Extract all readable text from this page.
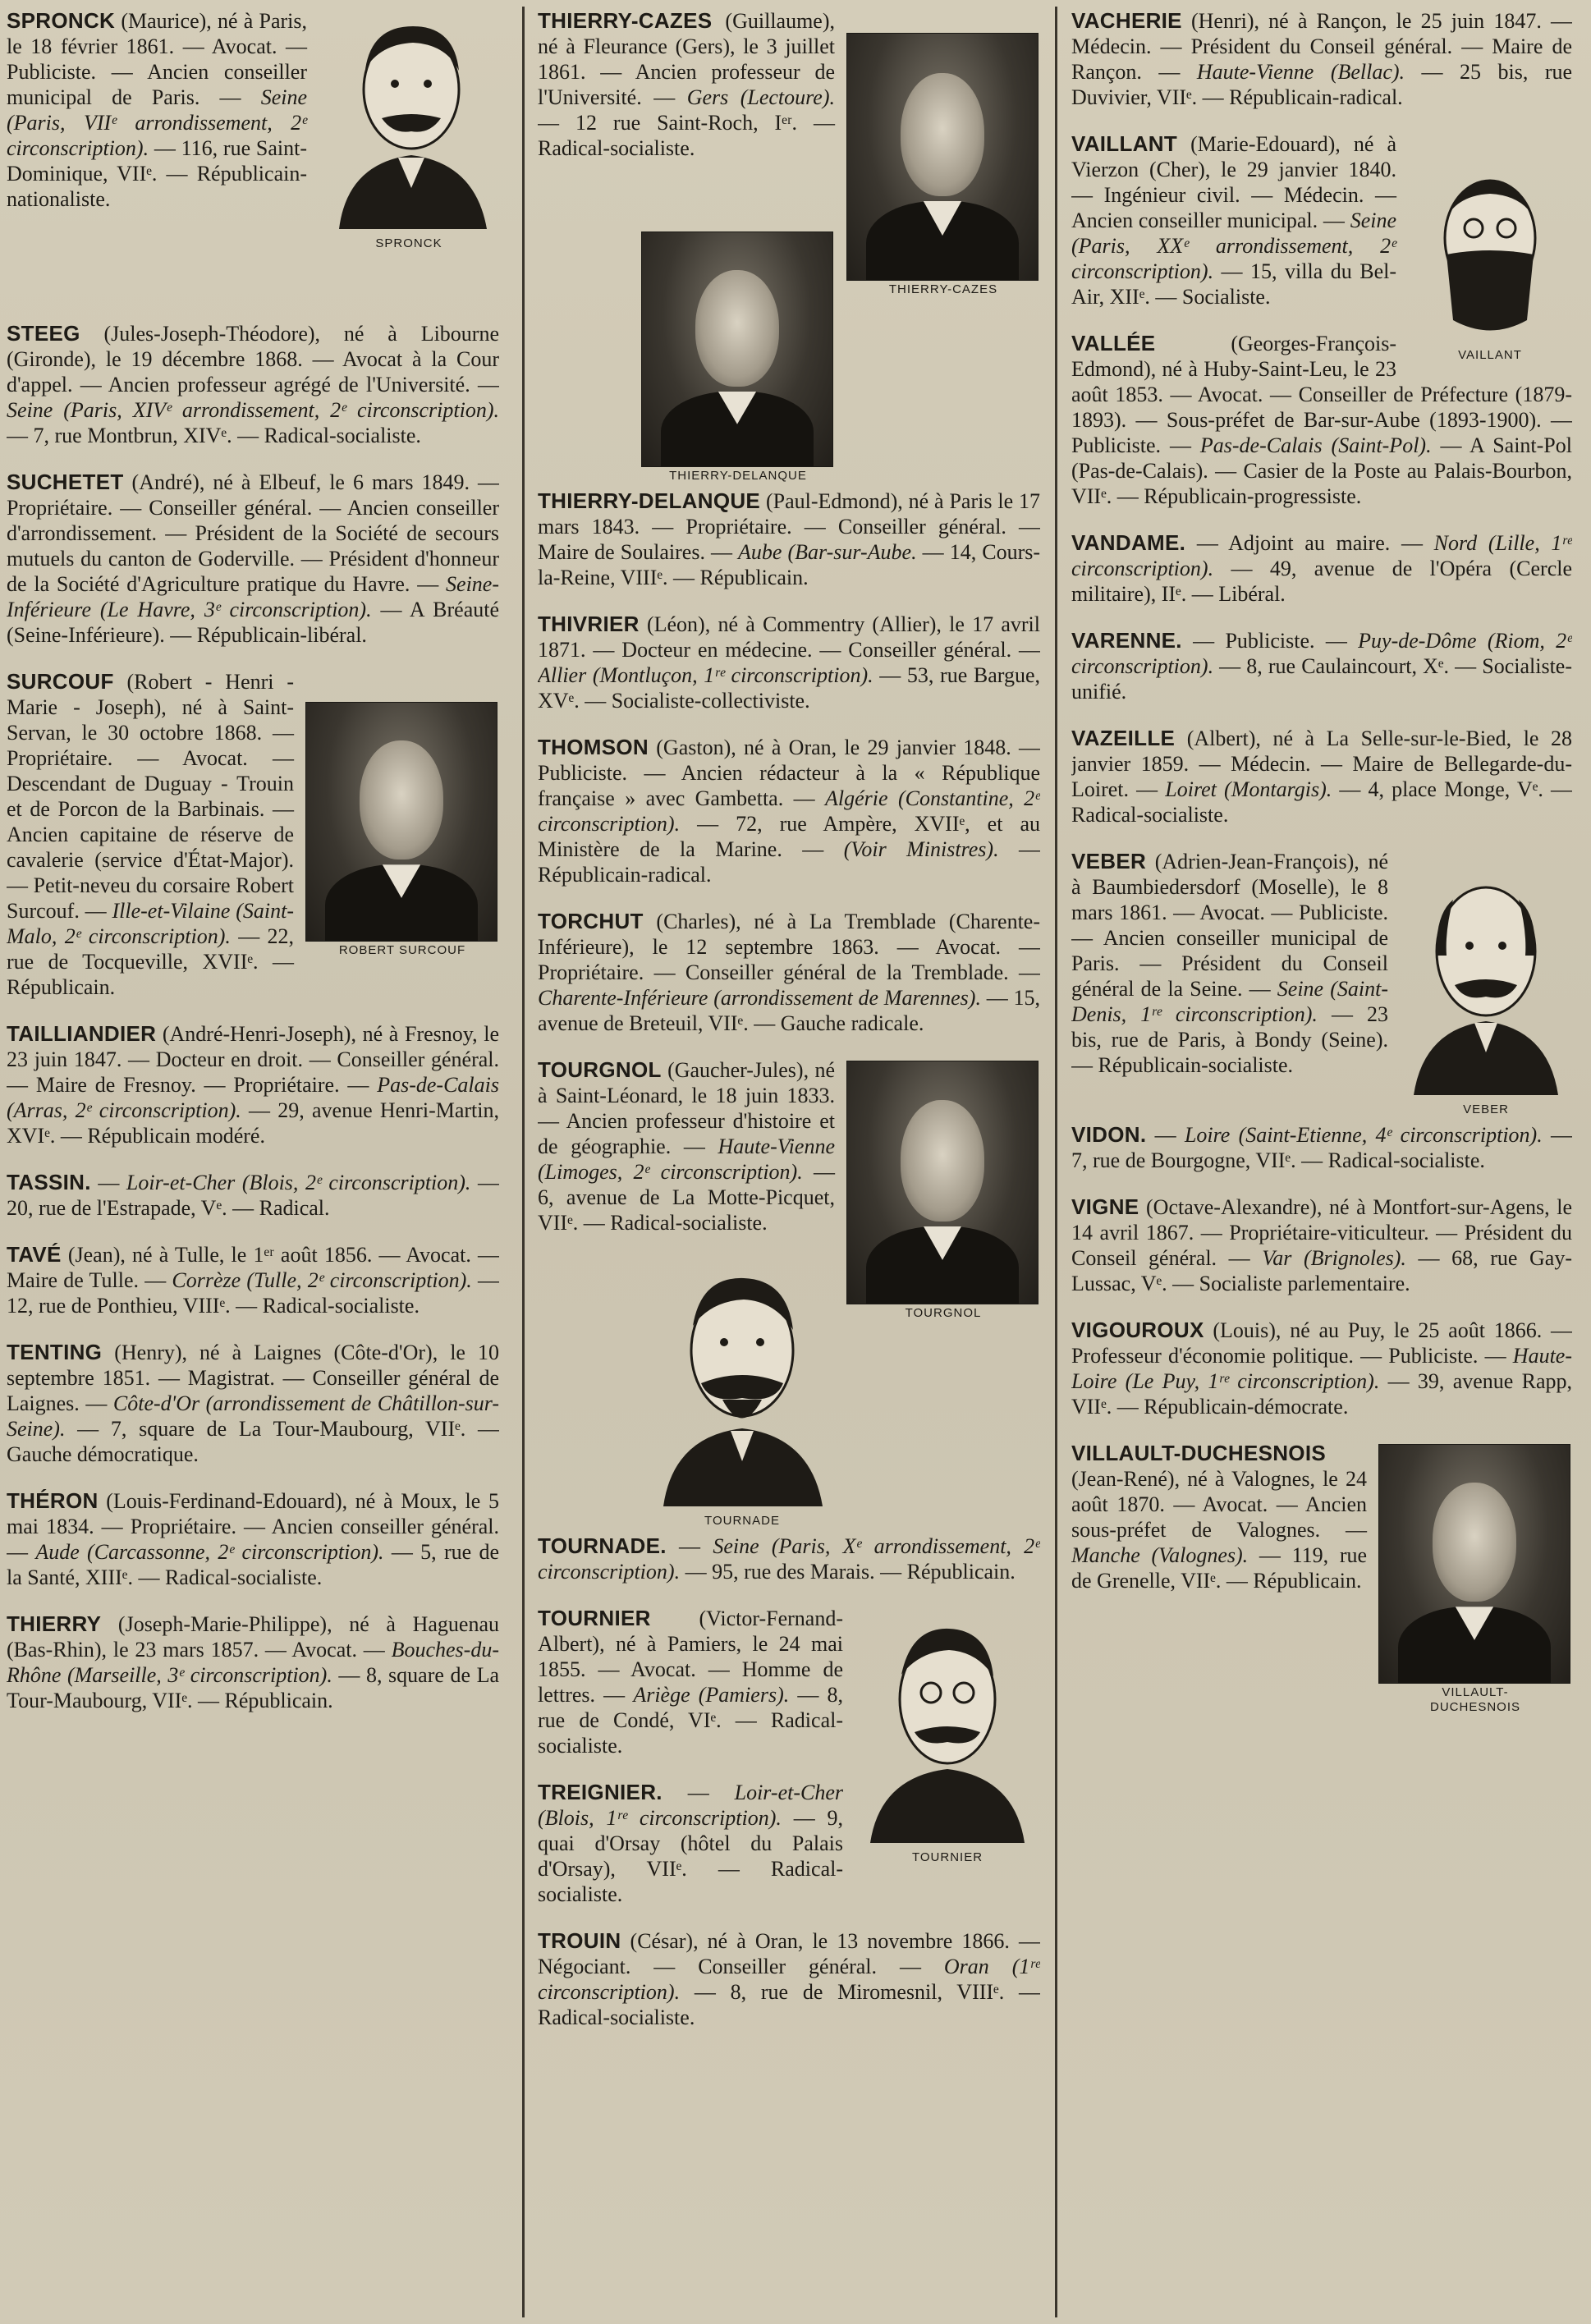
SPRONCK
SPRONCK (Maurice), né à Paris, le 18 février 1861. — Avocat. — Publiciste. — Ancien conseiller municipal de Paris. — Seine (Paris, VIIᵉ arrondissement, 2ᵉ circonscription). — 116, rue Saint-Dominique, VIIᵉ. — Républicain-nationaliste.
STEEG (Jules-Joseph-Théodore), né à Libourne (Gironde), le 19 décembre 1868. — Avocat à la Cour d'appel. — Ancien professeur agrégé de l'Université. — Seine (Paris, XIVᵉ arrondissement, 2ᵉ circonscription). — 7, rue Montbrun, XIVᵉ. — Radical-socialiste.
SUCHETET (André), né à Elbeuf, le 6 mars 1849. — Propriétaire. — Conseiller général. — Ancien conseiller d'arrondissement. — Président de la Société de secours mutuels du canton de Goderville. — Président d'honneur de la Société d'Agriculture pratique du Havre. — Seine-Inférieure (Le Havre, 3ᵉ circonscription). — A Bréauté (Seine-Inférieure). — Républicain-libéral.
ROBERT SURCOUF
SURCOUF (Robert - Henri - Marie - Joseph), né à Saint-Servan, le 30 octobre 1868. — Propriétaire. — Avocat. — Descendant de Duguay - Trouin et de Porcon de la Barbinais. — Ancien capitaine de réserve de cavalerie (service d'État-Major). — Petit-neveu du corsaire Robert Surcouf. — Ille-et-Vilaine (Saint-Malo, 2ᵉ circonscription). — 22, rue de Tocqueville, XVIIᵉ. — Républicain.
TAILLIANDIER (André-Henri-Joseph), né à Fresnoy, le 23 juin 1847. — Docteur en droit. — Conseiller général. — Maire de Fresnoy. — Propriétaire. — Pas-de-Calais (Arras, 2ᵉ circonscription). — 29, avenue Henri-Martin, XVIᵉ. — Républicain modéré.
TASSIN. — Loir-et-Cher (Blois, 2ᵉ circonscription). — 20, rue de l'Estrapade, Vᵉ. — Radical.
TAVÉ (Jean), né à Tulle, le 1ᵉʳ août 1856. — Avocat. — Maire de Tulle. — Corrèze (Tulle, 2ᵉ circonscription). — 12, rue de Ponthieu, VIIIᵉ. — Radical-socialiste.
TENTING (Henry), né à Laignes (Côte-d'Or), le 10 septembre 1851. — Magistrat. — Conseiller général de Laignes. — Côte-d'Or (arrondissement de Châtillon-sur-Seine). — 7, square de La Tour-Maubourg, VIIᵉ. — Gauche démocratique.
THÉRON (Louis-Ferdinand-Edouard), né à Moux, le 5 mai 1834. — Propriétaire. — Ancien conseiller général. — Aude (Carcassonne, 2ᵉ circonscription). — 5, rue de la Santé, XIIIᵉ. — Radical-socialiste.
THIERRY (Joseph-Marie-Philippe), né à Haguenau (Bas-Rhin), le 23 mars 1857. — Avocat. — Bouches-du-Rhône (Marseille, 3ᵉ circonscription). — 8, square de La Tour-Maubourg, VIIᵉ. — Républicain.
THIERRY-CAZES
THIERRY-CAZES (Guillaume), né à Fleurance (Gers), le 3 juillet 1861. — Ancien professeur de l'Université. — Gers (Lectoure). — 12 rue Saint-Roch, Iᵉʳ. — Radical-socialiste.
THIERRY-DELANQUE
THIERRY-DELANQUE (Paul-Edmond), né à Paris le 17 mars 1843. — Propriétaire. — Conseiller général. — Maire de Soulaires. — Aube (Bar-sur-Aube. — 14, Cours-la-Reine, VIIIᵉ. — Républicain.
THIVRIER (Léon), né à Commentry (Allier), le 17 avril 1871. — Docteur en médecine. — Conseiller général. — Allier (Montluçon, 1ʳᵉ circonscription). — 53, rue Bargue, XVᵉ. — Socialiste-collectiviste.
THOMSON (Gaston), né à Oran, le 29 janvier 1848. — Publiciste. — Ancien rédacteur à la « République française » avec Gambetta. — Algérie (Constantine, 2ᵉ circonscription). — 72, rue Ampère, XVIIᵉ, et au Ministère de la Marine. — (Voir Ministres). — Républicain-radical.
TORCHUT (Charles), né à La Tremblade (Charente-Inférieure), le 12 septembre 1863. — Avocat. — Propriétaire. — Conseiller général de la Tremblade. — Charente-Inférieure (arrondissement de Marennes). — 15, avenue de Breteuil, VIIᵉ. — Gauche radicale.
TOURGNOL
TOURGNOL (Gaucher-Jules), né à Saint-Léonard, le 18 juin 1833. — Ancien professeur d'histoire et de géographie. — Haute-Vienne (Limoges, 2ᵉ circonscription). — 6, avenue de La Motte-Picquet, VIIᵉ. — Radical-socialiste.
TOURNADE
TOURNADE. — Seine (Paris, Xᵉ arrondissement, 2ᵉ circonscription). — 95, rue des Marais. — Républicain.
TOURNIER
TOURNIER (Victor-Fernand-Albert), né à Pamiers, le 24 mai 1855. — Avocat. — Homme de lettres. — Ariège (Pamiers). — 8, rue de Condé, VIᵉ. — Radical-socialiste.
TREIGNIER. — Loir-et-Cher (Blois, 1ʳᵉ circonscription). — 9, quai d'Orsay (hôtel du Palais d'Orsay), VIIᵉ. — Radical-socialiste.
TROUIN (César), né à Oran, le 13 novembre 1866. — Négociant. — Conseiller général. — Oran (1ʳᵉ circonscription). — 8, rue de Miromesnil, VIIIᵉ. — Radical-socialiste.
VACHERIE (Henri), né à Rançon, le 25 juin 1847. — Médecin. — Président du Conseil général. — Maire de Rançon. — Haute-Vienne (Bellac). — 25 bis, rue Duvivier, VIIᵉ. — Républicain-radical.
VAILLANT
VAILLANT (Marie-Edouard), né à Vierzon (Cher), le 29 janvier 1840. — Ingénieur civil. — Médecin. — Ancien conseiller municipal. — Seine (Paris, XXᵉ arrondissement, 2ᵉ circonscription). — 15, villa du Bel-Air, XIIᵉ. — Socialiste.
VALLÉE (Georges-François-Edmond), né à Huby-Saint-Leu, le 23 août 1853. — Avocat. — Conseiller de Préfecture (1879-1893). — Sous-préfet de Bar-sur-Aube (1893-1900). — Publiciste. — Pas-de-Calais (Saint-Pol). — A Saint-Pol (Pas-de-Calais). — Casier de la Poste au Palais-Bourbon, VIIᵉ. — Républicain-progressiste.
VANDAME. — Adjoint au maire. — Nord (Lille, 1ʳᵉ circonscription). — 49, avenue de l'Opéra (Cercle militaire), IIᵉ. — Libéral.
VARENNE. — Publiciste. — Puy-de-Dôme (Riom, 2ᵉ circonscription). — 8, rue Caulaincourt, Xᵉ. — Socialiste-unifié.
VAZEILLE (Albert), né à La Selle-sur-le-Bied, le 28 janvier 1859. — Médecin. — Maire de Bellegarde-du-Loiret. — Loiret (Montargis). — 4, place Monge, Vᵉ. — Radical-socialiste.
VEBER
VEBER (Adrien-Jean-François), né à Baumbiedersdorf (Moselle), le 8 mars 1861. — Avocat. — Publiciste. — Ancien conseiller municipal de Paris. — Président du Conseil général de la Seine. — Seine (Saint-Denis, 1ʳᵉ circonscription). — 23 bis, rue de Paris, à Bondy (Seine). — Républicain-socialiste.
VIDON. — Loire (Saint-Etienne, 4ᵉ circonscription). — 7, rue de Bourgogne, VIIᵉ. — Radical-socialiste.
VIGNE (Octave-Alexandre), né à Montfort-sur-Agens, le 14 avril 1867. — Propriétaire-viticulteur. — Président du Conseil général. — Var (Brignoles). — 68, rue Gay-Lussac, Vᵉ. — Socialiste parlementaire.
VIGOUROUX (Louis), né au Puy, le 25 août 1866. — Professeur d'économie politique. — Publiciste. — Haute-Loire (Le Puy, 1ʳᵉ circonscription). — 39, avenue Rapp, VIIᵉ. — Républicain-démocrate.
VILLAULT-
DUCHESNOIS
VILLAULT-DUCHESNOIS (Jean-René), né à Valognes, le 24 août 1870. — Avocat. — Ancien sous-préfet de Valognes. — Manche (Valognes). — 119, rue de Grenelle, VIIᵉ. — Républicain.
